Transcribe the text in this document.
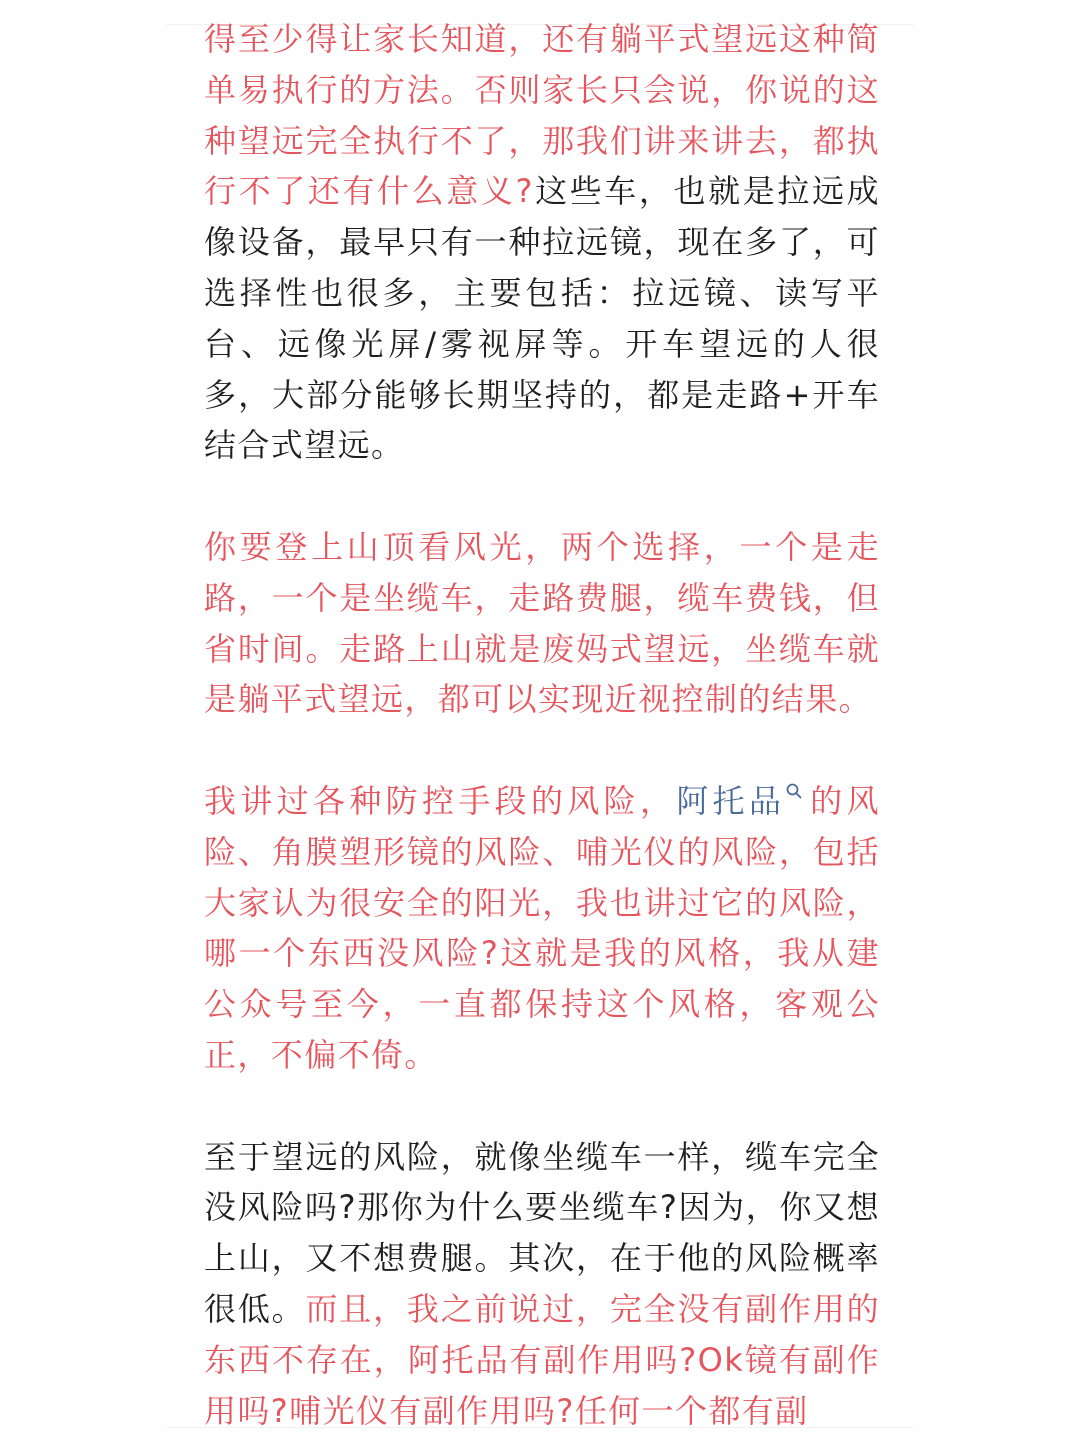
得至少得让家长知道，还有躺平式望远这种简单易执行的方法。否则家长只会说，你说的这种望远完全执行不了，那我们讲来讲去，都执行不了还有什么意义?这些车，也就是拉远成像设备，最早只有一种拉远镜，现在多了，可选择性也很多，主要包括：拉远镜、读写平台、远像光屏/雾视屏等。开车望远的人很多，大部分能够长期坚持的，都是走路+开车结合式望远。

你要登上山顶看风光，两个选择，一个是走路，一个是坐缆车，走路费腿，缆车费钱，但省时间。走路上山就是废妈式望远，坐缆车就是躺平式望远，都可以实现近视控制的结果。

我讲过各种防控手段的风险，阿托品 的风险、角膜塑形镜的风险、哺光仪的风险，包括大家认为很安全的阳光，我也讲过它的风险，哪一个东西没风险?这就是我的风格，我从建公众号至今，一直都保持这个风格，客观公正，不偏不倚。

至于望远的风险，就像坐缆车一样，缆车完全没风险吗?那你为什么要坐缆车?因为，你又想上山，又不想费腿。其次，在于他的风险概率很低。而且，我之前说过，完全没有副作用的东西不存在，阿托品有副作用吗?Ok镜有副作用吗?哺光仪有副作用吗?任何一个都有副
